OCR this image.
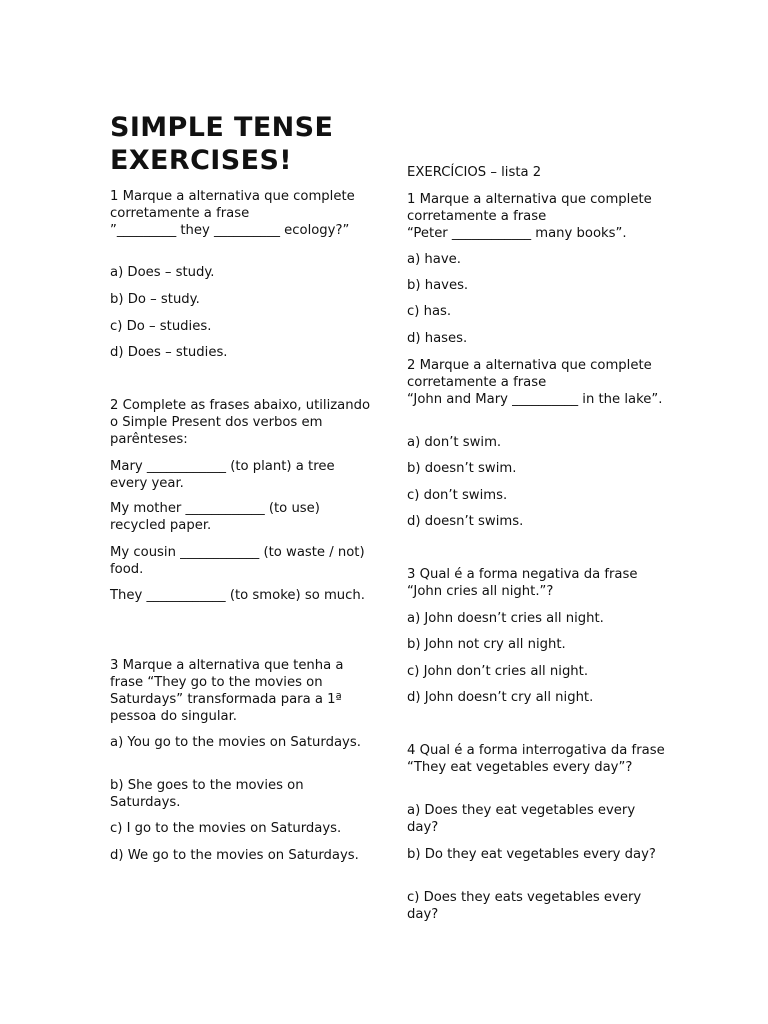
SIMPLE TENSE EXERCISES!
1 Marque a alternativa que complete corretamente a frase
”_________ they __________ ecology?”
a) Does – study.
b) Do – study.
c) Do – studies.
d) Does – studies.
2 Complete as frases abaixo, utilizando o Simple Present dos verbos em parênteses:
Mary ____________ (to plant) a tree every year.
My mother ____________ (to use) recycled paper.
My cousin ____________ (to waste / not) food.
They ____________ (to smoke) so much.
3 Marque a alternativa que tenha a frase “They go to the movies on Saturdays” transformada para a 1ª pessoa do singular.
a) You go to the movies on Saturdays.
b) She goes to the movies on Saturdays.
c) I go to the movies on Saturdays.
d) We go to the movies on Saturdays.
EXERCÍCIOS – lista 2
1 Marque a alternativa que complete corretamente a frase
“Peter ____________ many books”.
a) have.
b) haves.
c) has.
d) hases.
2 Marque a alternativa que complete corretamente a frase
“John and Mary __________ in the lake”.
a) don’t swim.
b) doesn’t swim.
c) don’t swims.
d) doesn’t swims.
3 Qual é a forma negativa da frase
“John cries all night.”?
a) John doesn’t cries all night.
b) John not cry all night.
c) John don’t cries all night.
d) John doesn’t cry all night.
4 Qual é a forma interrogativa da frase “They eat vegetables every day”?
a) Does they eat vegetables every day?
b) Do they eat vegetables every day?
c) Does they eats vegetables every day?
